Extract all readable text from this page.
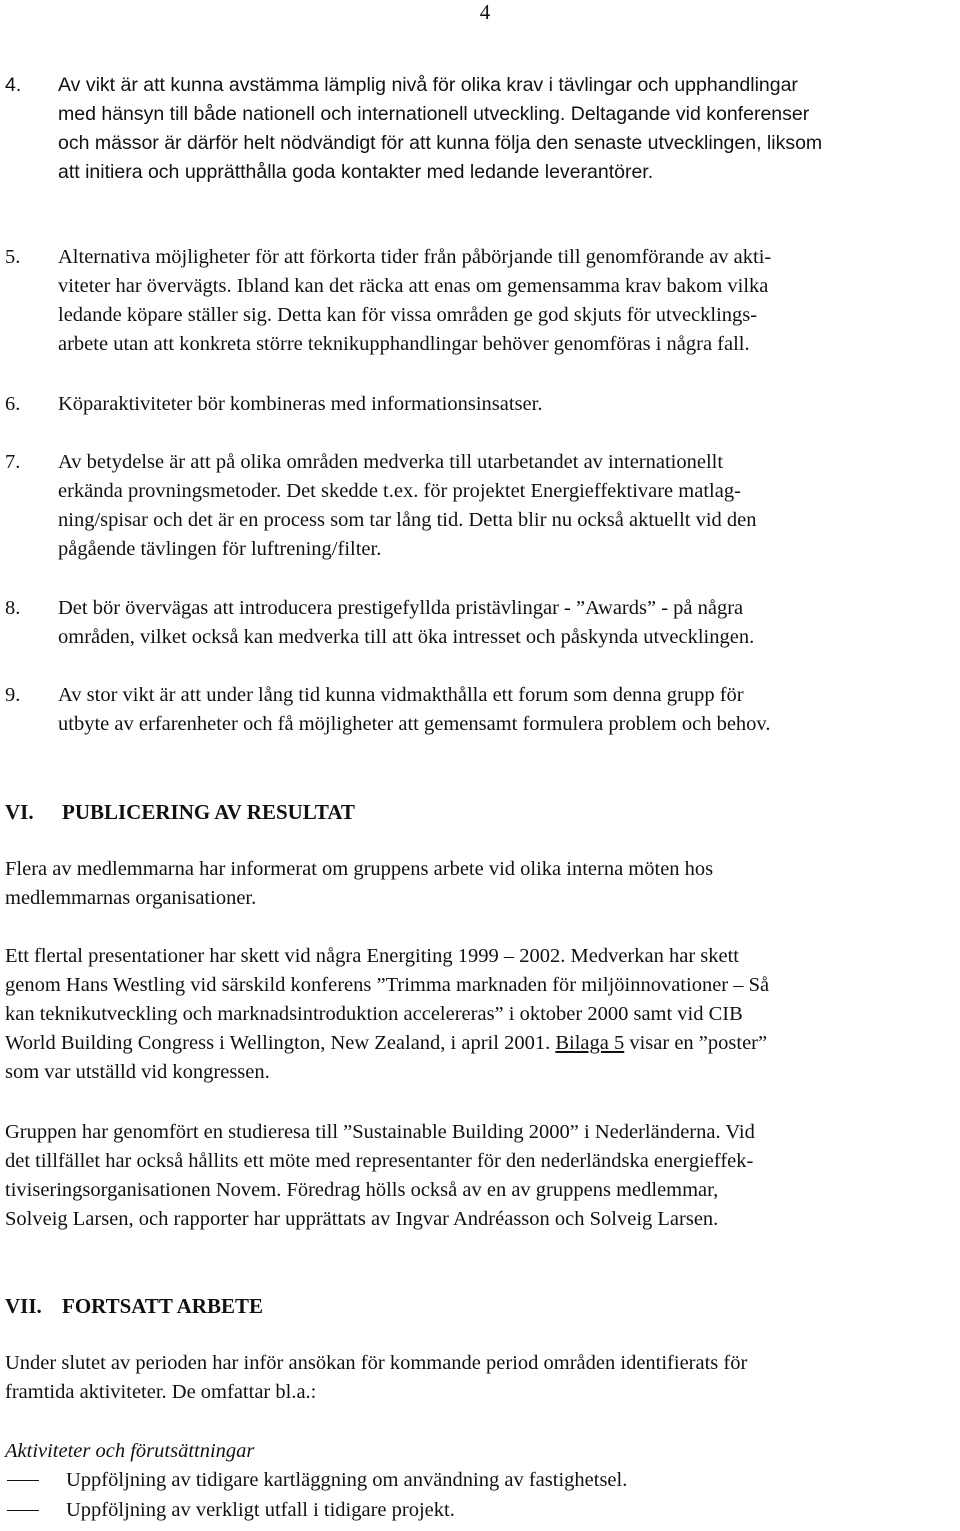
4
4. Av vikt är att kunna avstämma lämplig nivå för olika krav i tävlingar och upphandlingar
med hänsyn till både nationell och internationell utveckling. Deltagande vid konferenser
och mässor är därför helt nödvändigt för att kunna följa den senaste utvecklingen, liksom
att initiera och upprätthålla goda kontakter med ledande leverantörer.
5. Alternativa möjligheter för att förkorta tider från påbörjande till genomförande av akti-
viteter har övervägts. Ibland kan det räcka att enas om gemensamma krav bakom vilka
ledande köpare ställer sig. Detta kan för vissa områden ge god skjuts för utvecklings-
arbete utan att konkreta större teknikupphandlingar behöver genomföras i några fall.
6. Köparaktiviteter bör kombineras med informationsinsatser.
7. Av betydelse är att på olika områden medverka till utarbetandet av internationellt
erkända provningsmetoder. Det skedde t.ex. för projektet Energieffektivare matlag-
ning/spisar och det är en process som tar lång tid. Detta blir nu också aktuellt vid den
pågående tävlingen för luftrening/filter.
8. Det bör övervägas att introducera prestigefyllda pristävlingar - ”Awards” - på några
områden, vilket också kan medverka till att öka intresset och påskynda utvecklingen.
9. Av stor vikt är att under lång tid kunna vidmakthålla ett forum som denna grupp för
utbyte av erfarenheter och få möjligheter att gemensamt formulera problem och behov.
VI. PUBLICERING AV RESULTAT
Flera av medlemmarna har informerat om gruppens arbete vid olika interna möten hos
medlemmarnas organisationer.
Ett flertal presentationer har skett vid några Energiting 1999 – 2002. Medverkan har skett
genom Hans Westling vid särskild konferens ”Trimma marknaden för miljöinnovationer – Så
kan teknikutveckling och marknadsintroduktion accelereras” i oktober 2000 samt vid CIB
World Building Congress i Wellington, New Zealand, i april 2001. Bilaga 5 visar en ”poster”
som var utställd vid kongressen.
Gruppen har genomfört en studieresa till ”Sustainable Building 2000” i Nederländerna. Vid
det tillfället har också hållits ett möte med representanter för den nederländska energieffek-
tiviseringsorganisationen Novem. Föredrag hölls också av en av gruppens medlemmar,
Solveig Larsen, och rapporter har upprättats av Ingvar Andréasson och Solveig Larsen.
VII. FORTSATT ARBETE
Under slutet av perioden har inför ansökan för kommande period områden identifierats för
framtida aktiviteter. De omfattar bl.a.:
Aktiviteter och förutsättningar
Uppföljning av tidigare kartläggning om användning av fastighetsel.
Uppföljning av verkligt utfall i tidigare projekt.
